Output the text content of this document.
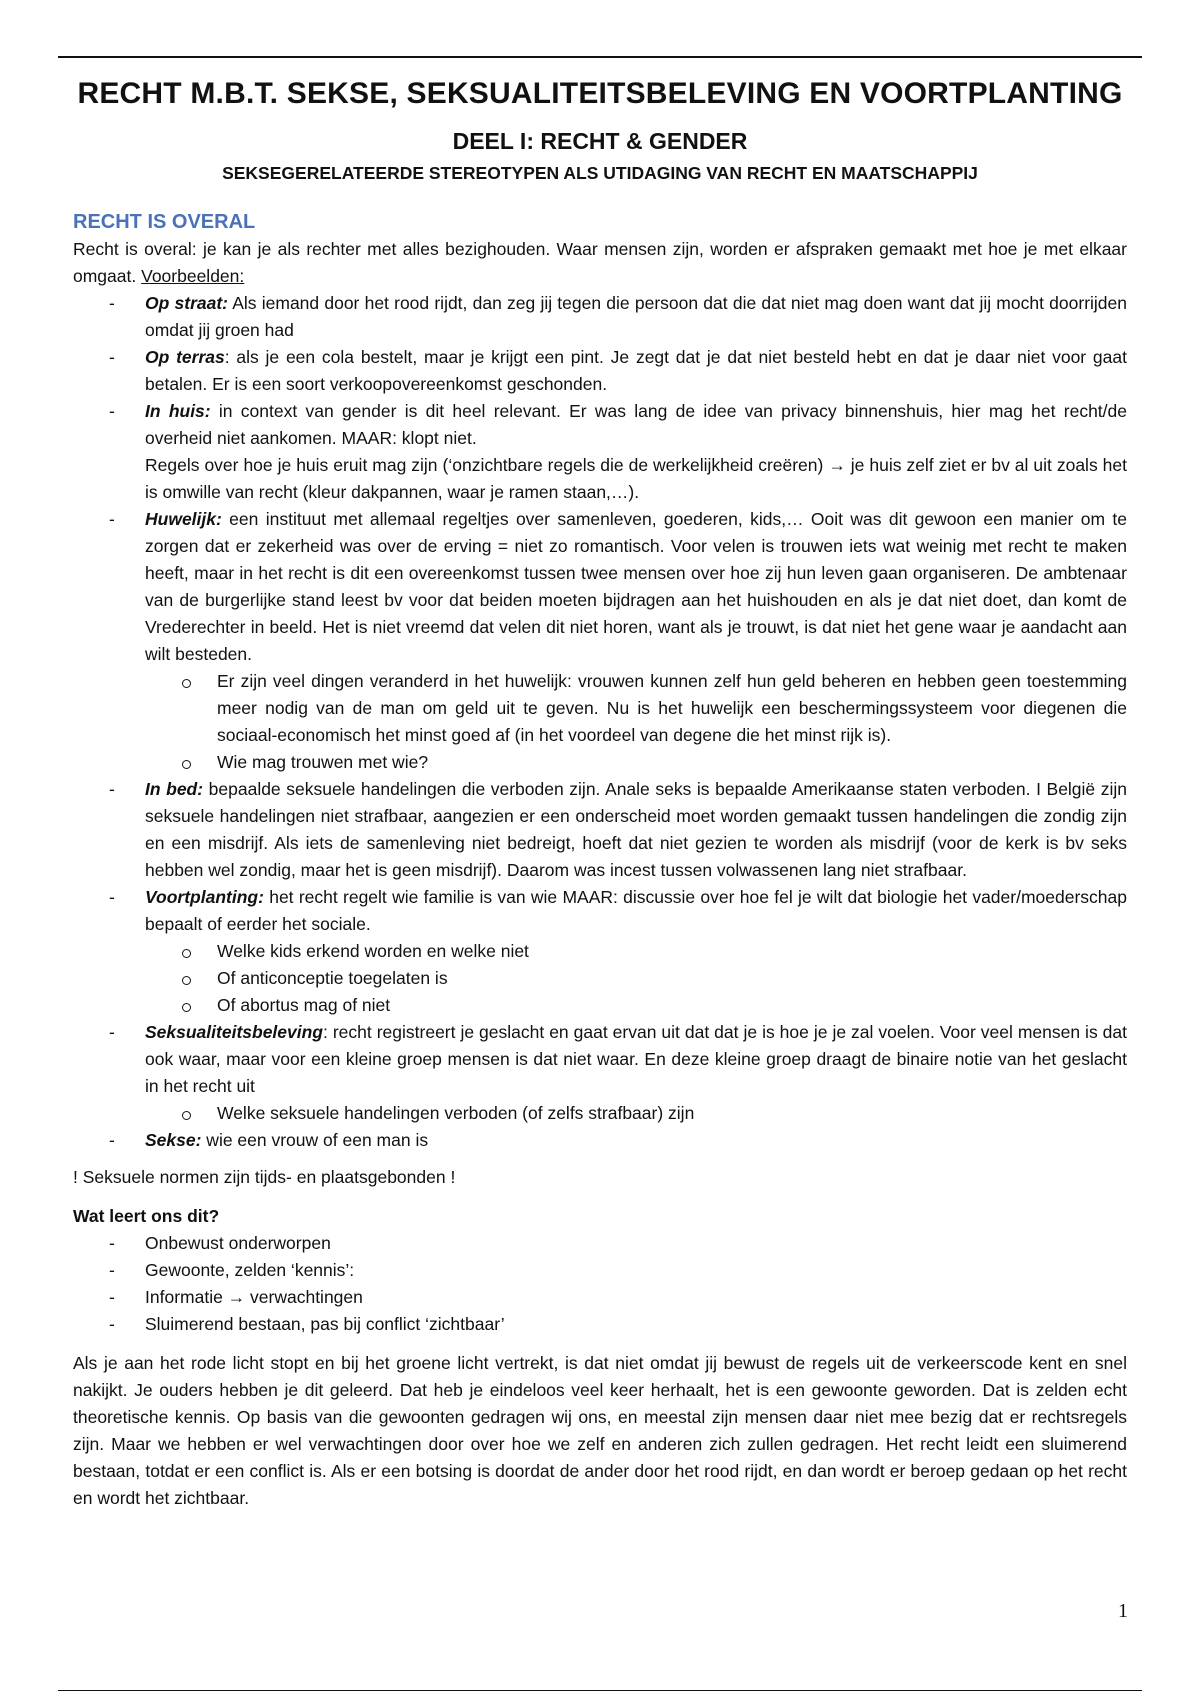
RECHT M.B.T. SEKSE, SEKSUALITEITSBELEVING EN VOORTPLANTING
DEEL I: RECHT & GENDER
SEKSEGERELATEERDE STEREOTYPEN ALS UTIDAGING VAN RECHT EN MAATSCHAPPIJ
RECHT IS OVERAL

Recht is overal: je kan je als rechter met alles bezighouden. Waar mensen zijn, worden er afspraken gemaakt met hoe je met elkaar omgaat. Voorbeelden:

- Op straat: Als iemand door het rood rijdt, dan zeg jij tegen die persoon dat die dat niet mag doen want dat jij mocht doorrijden omdat jij groen had
- Op terras: als je een cola bestelt, maar je krijgt een pint. Je zegt dat je dat niet besteld hebt en dat je daar niet voor gaat betalen. Er is een soort verkoopovereenkomst geschonden.
- In huis: in context van gender is dit heel relevant. Er was lang de idee van privacy binnenshuis, hier mag het recht/de overheid niet aankomen. MAAR: klopt niet.
Regels over hoe je huis eruit mag zijn (‘onzichtbare regels die de werkelijkheid creëren) → je huis zelf ziet er bv al uit zoals het is omwille van recht (kleur dakpannen, waar je ramen staan,…).
- Huwelijk: een instituut met allemaal regeltjes over samenleven, goederen, kids,… Ooit was dit gewoon een manier om te zorgen dat er zekerheid was over de erving = niet zo romantisch. Voor velen is trouwen iets wat weinig met recht te maken heeft, maar in het recht is dit een overeenkomst tussen twee mensen over hoe zij hun leven gaan organiseren. De ambtenaar van de burgerlijke stand leest bv voor dat beiden moeten bijdragen aan het huishouden en als je dat niet doet, dan komt de Vrederechter in beeld. Het is niet vreemd dat velen dit niet horen, want als je trouwt, is dat niet het gene waar je aandacht aan wilt besteden.
Er zijn veel dingen veranderd in het huwelijk: vrouwen kunnen zelf hun geld beheren en hebben geen toestemming meer nodig van de man om geld uit te geven. Nu is het huwelijk een beschermingssysteem voor diegenen die sociaal-economisch het minst goed af (in het voordeel van degene die het minst rijk is).
Wie mag trouwen met wie?
- In bed: bepaalde seksuele handelingen die verboden zijn. Anale seks is bepaalde Amerikaanse staten verboden. I België zijn seksuele handelingen niet strafbaar, aangezien er een onderscheid moet worden gemaakt tussen handelingen die zondig zijn en een misdrijf. Als iets de samenleving niet bedreigt, hoeft dat niet gezien te worden als misdrijf (voor de kerk is bv seks hebben wel zondig, maar het is geen misdrijf). Daarom was incest tussen volwassenen lang niet strafbaar.
- Voortplanting: het recht regelt wie familie is van wie MAAR: discussie over hoe fel je wilt dat biologie het vader/moederschap bepaalt of eerder het sociale.
Welke kids erkend worden en welke niet
Of anticonceptie toegelaten is
Of abortus mag of niet
- Seksualiteitsbeleving: recht registreert je geslacht en gaat ervan uit dat dat je is hoe je je zal voelen. Voor veel mensen is dat ook waar, maar voor een kleine groep mensen is dat niet waar. En deze kleine groep draagt de binaire notie van het geslacht in het recht uit
Welke seksuele handelingen verboden (of zelfs strafbaar) zijn
- Sekse: wie een vrouw of een man is

! Seksuele normen zijn tijds- en plaatsgebonden !

Wat leert ons dit?

- Onbewust onderworpen
- Gewoonte, zelden ‘kennis’:
- Informatie → verwachtingen
- Sluimerend bestaan, pas bij conflict ‘zichtbaar’

Als je aan het rode licht stopt en bij het groene licht vertrekt, is dat niet omdat jij bewust de regels uit de verkeerscode kent en snel nakijkt. Je ouders hebben je dit geleerd. Dat heb je eindeloos veel keer herhaalt, het is een gewoonte geworden. Dat is zelden echt theoretische kennis. Op basis van die gewoonten gedragen wij ons, en meestal zijn mensen daar niet mee bezig dat er rechtsregels zijn. Maar we hebben er wel verwachtingen door over hoe we zelf en anderen zich zullen gedragen. Het recht leidt een sluimerend bestaan, totdat er een conflict is. Als er een botsing is doordat de ander door het rood rijdt, en dan wordt er beroep gedaan op het recht en wordt het zichtbaar.

1
